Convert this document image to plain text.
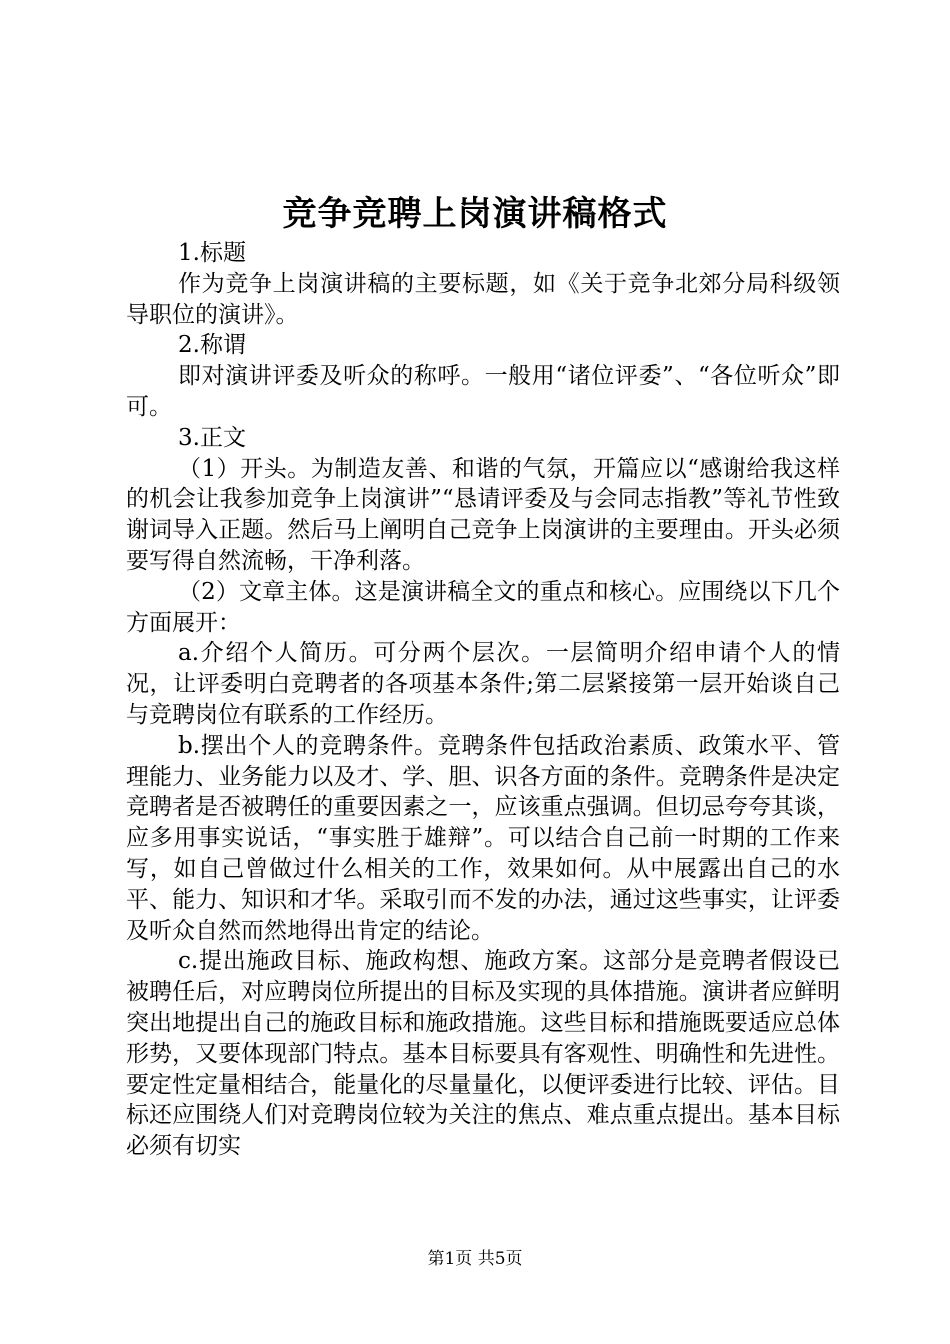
竞争竞聘上岗演讲稿格式

1.标题

作为竞争上岗演讲稿的主要标题，如《关于竞争北郊分局科级领导职位的演讲》。

2.称谓

即对演讲评委及听众的称呼。一般用“诸位评委”、“各位听众”即可。

3.正文

（1）开头。为制造友善、和谐的气氛，开篇应以“感谢给我这样的机会让我参加竞争上岗演讲”“恳请评委及与会同志指教”等礼节性致谢词导入正题。然后马上阐明自己竞争上岗演讲的主要理由。开头必须要写得自然流畅，干净利落。

（2）文章主体。这是演讲稿全文的重点和核心。应围绕以下几个方面展开：

a.介绍个人简历。可分两个层次。一层简明介绍申请个人的情况，让评委明白竞聘者的各项基本条件;第二层紧接第一层开始谈自己与竞聘岗位有联系的工作经历。

b.摆出个人的竞聘条件。竞聘条件包括政治素质、政策水平、管理能力、业务能力以及才、学、胆、识各方面的条件。竞聘条件是决定竞聘者是否被聘任的重要因素之一，应该重点强调。但切忌夸夸其谈，应多用事实说话，“事实胜于雄辩”。可以结合自己前一时期的工作来写，如自己曾做过什么相关的工作，效果如何。从中展露出自己的水平、能力、知识和才华。采取引而不发的办法，通过这些事实，让评委及听众自然而然地得出肯定的结论。

c.提出施政目标、施政构想、施政方案。这部分是竞聘者假设已被聘任后，对应聘岗位所提出的目标及实现的具体措施。演讲者应鲜明突出地提出自己的施政目标和施政措施。这些目标和措施既要适应总体形势，又要体现部门特点。基本目标要具有客观性、明确性和先进性。要定性定量相结合，能量化的尽量量化，以便评委进行比较、评估。目标还应围绕人们对竞聘岗位较为关注的焦点、难点重点提出。基本目标必须有切实

第1页 共5页
